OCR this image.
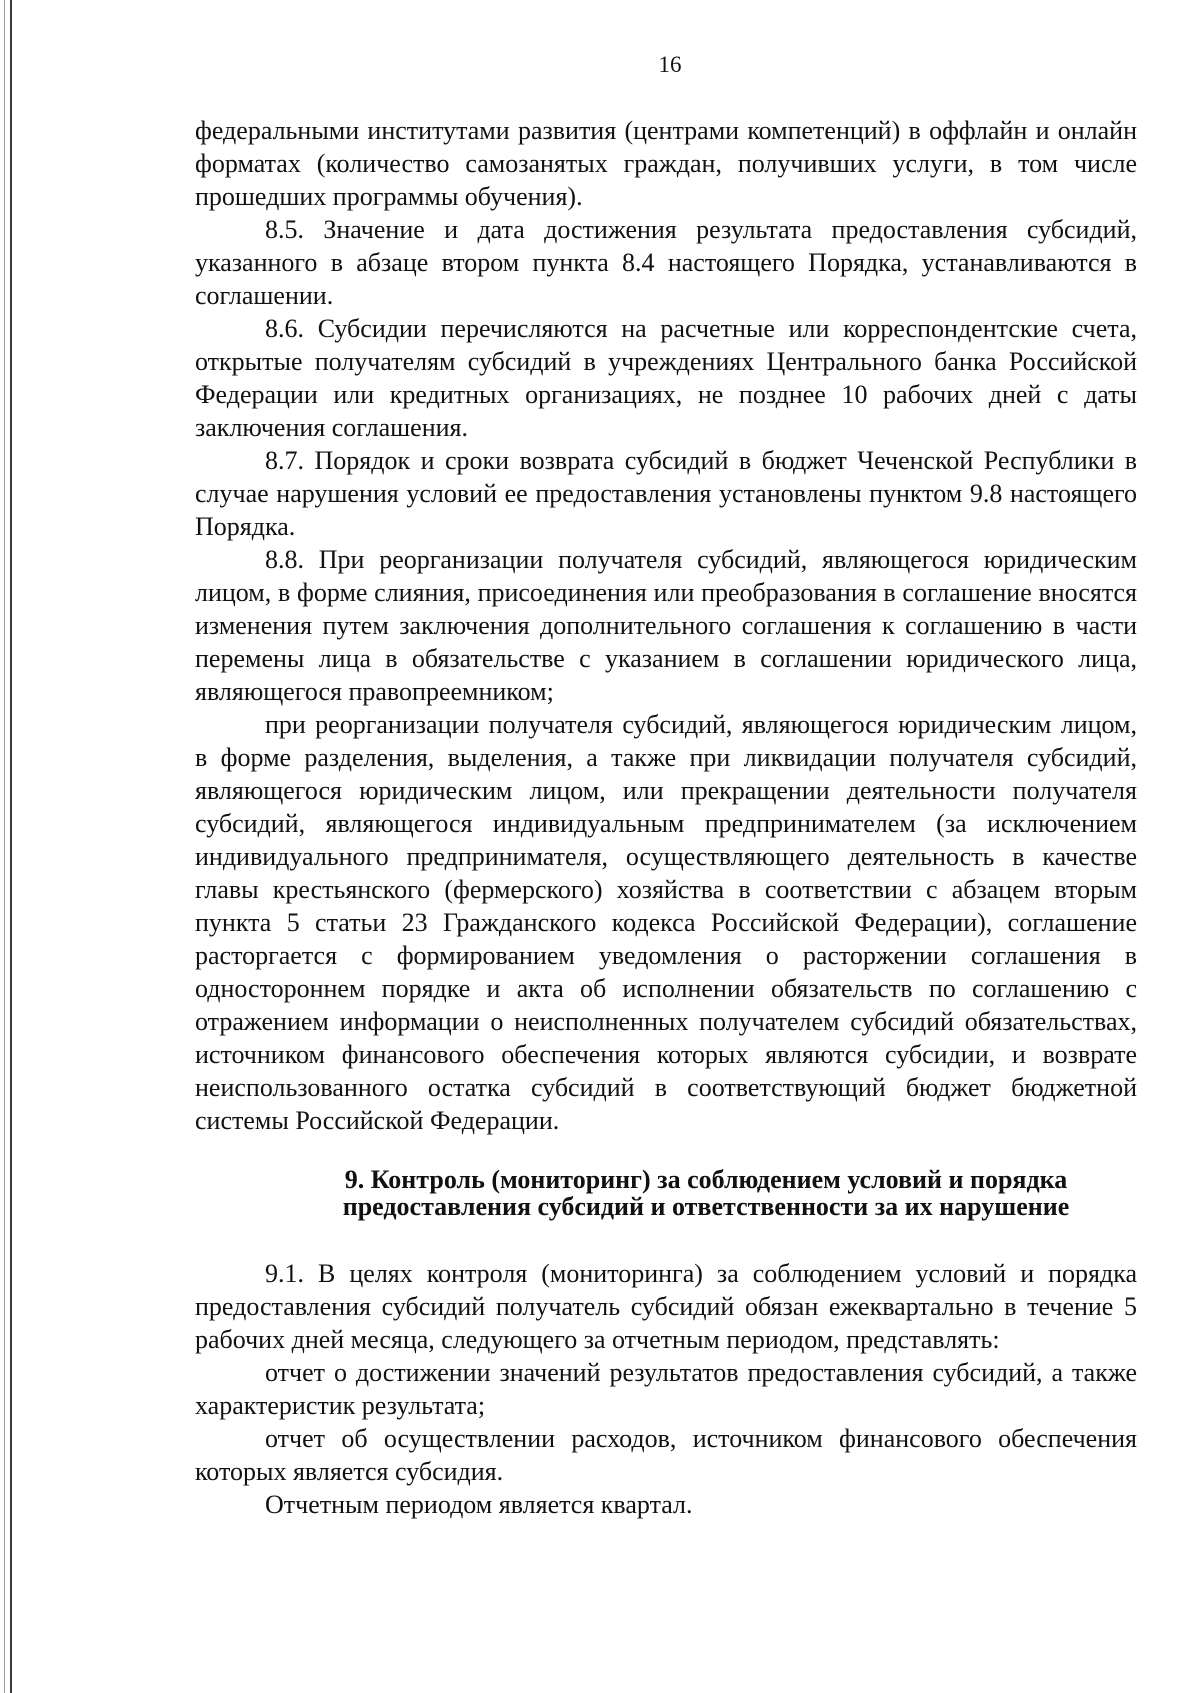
16

федеральными институтами развития (центрами компетенций) в оффлайн и онлайн форматах (количество самозанятых граждан, получивших услуги, в том числе прошедших программы обучения).

8.5. Значение и дата достижения результата предоставления субсидий, указанного в абзаце втором пункта 8.4 настоящего Порядка, устанавливаются в соглашении.

8.6. Субсидии перечисляются на расчетные или корреспондентские счета, открытые получателям субсидий в учреждениях Центрального банка Российской Федерации или кредитных организациях, не позднее 10 рабочих дней с даты заключения соглашения.

8.7. Порядок и сроки возврата субсидий в бюджет Чеченской Республики в случае нарушения условий ее предоставления установлены пунктом 9.8 настоящего Порядка.

8.8. При реорганизации получателя субсидий, являющегося юридическим лицом, в форме слияния, присоединения или преобразования в соглашение вносятся изменения путем заключения дополнительного соглашения к соглашению в части перемены лица в обязательстве с указанием в соглашении юридического лица, являющегося правопреемником;

при реорганизации получателя субсидий, являющегося юридическим лицом, в форме разделения, выделения, а также при ликвидации получателя субсидий, являющегося юридическим лицом, или прекращении деятельности получателя субсидий, являющегося индивидуальным предпринимателем (за исключением индивидуального предпринимателя, осуществляющего деятельность в качестве главы крестьянского (фермерского) хозяйства в соответствии с абзацем вторым пункта 5 статьи 23 Гражданского кодекса Российской Федерации), соглашение расторгается с формированием уведомления о расторжении соглашения в одностороннем порядке и акта об исполнении обязательств по соглашению с отражением информации о неисполненных получателем субсидий обязательствах, источником финансового обеспечения которых являются субсидии, и возврате неиспользованного остатка субсидий в соответствующий бюджет бюджетной системы Российской Федерации.

9. Контроль (мониторинг) за соблюдением условий и порядка
предоставления субсидий и ответственности за их нарушение

9.1. В целях контроля (мониторинга) за соблюдением условий и порядка предоставления субсидий получатель субсидий обязан ежеквартально в течение 5 рабочих дней месяца, следующего за отчетным периодом, представлять:

отчет о достижении значений результатов предоставления субсидий, а также характеристик результата;

отчет об осуществлении расходов, источником финансового обеспечения которых является субсидия.

Отчетным периодом является квартал.
